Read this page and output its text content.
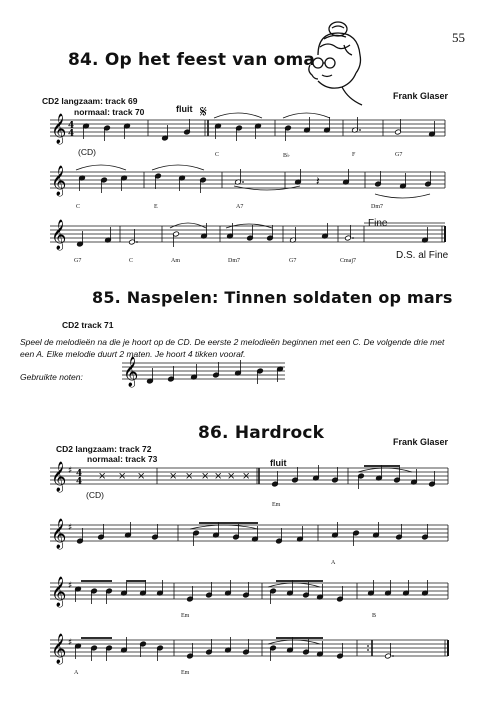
55
84. Op het feest van oma
Frank Glaser
CD2 langzaam: track 69
normaal: track 70	fluit
(CD)	C	B♭	F	G7
C	E	A7	Dm7
G7	C	Am	Dm7	G7	Cmaj7
Fine
D.S. al Fine
85. Naspelen: Tinnen soldaten op mars
CD2 track 71
Speel de melodieën na die je hoort op de CD. De eerste 2 melodieën beginnen met een C. De volgende drie met een A. Elke melodie duurt 2 maten. Je hoort 4 tikken vooraf.
Gebruikte noten:
86. Hardrock	Frank Glaser
CD2 langzaam: track 72
normaal: track 73	fluit
(CD)
Em
A
Em	B
A	Em
𝄞 4
4
𝄋
𝄞	𝄽
𝄞
𝄞
𝄞 ♯ 4
4 × × × × × × × × ×
𝄞 ♯
𝄞 ♯
𝄞 ♯
